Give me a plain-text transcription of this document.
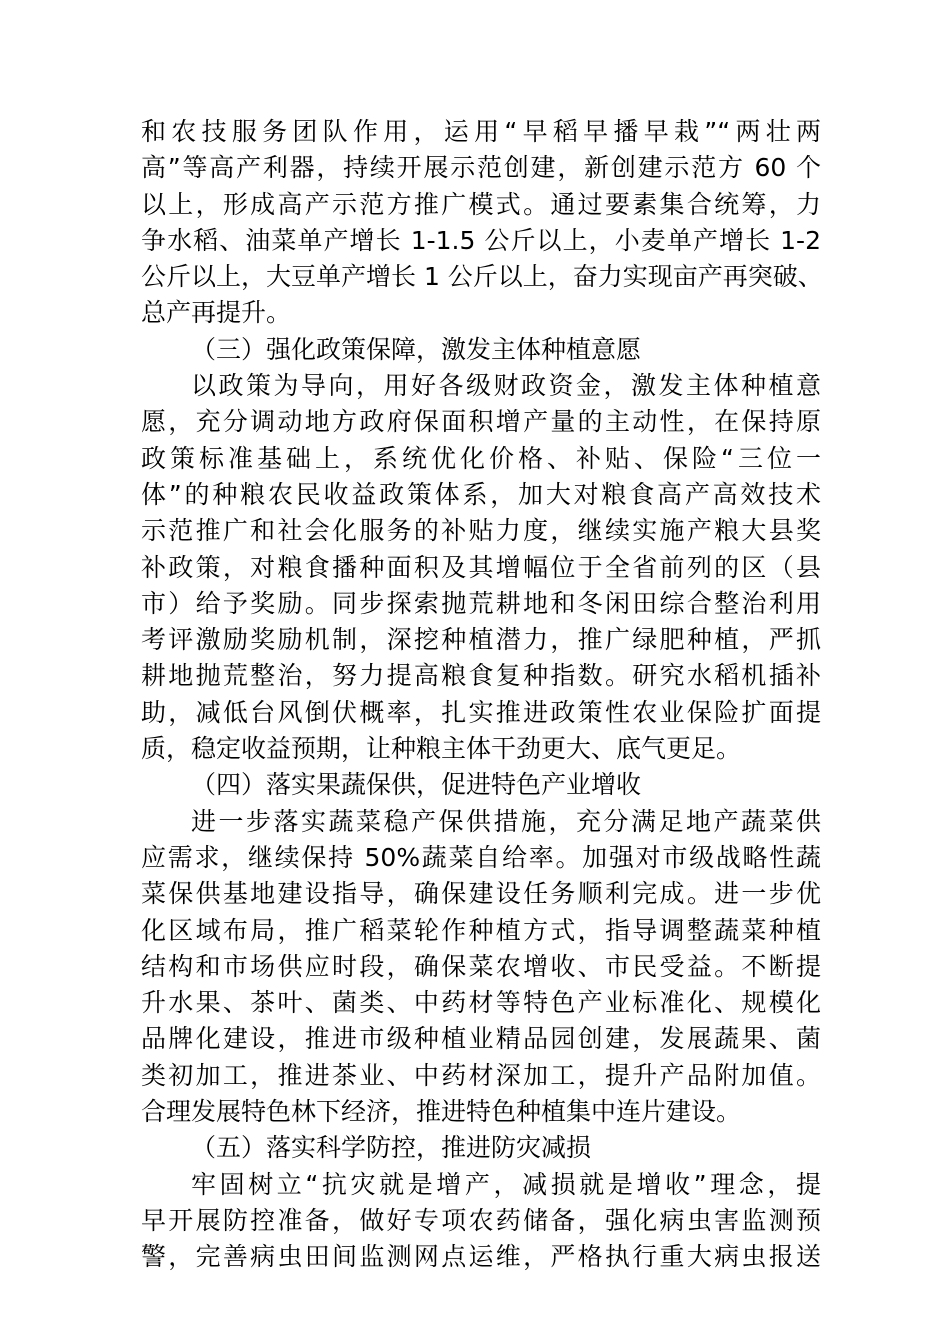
和农技服务团队作用，运用“早稻早播早栽”“两壮两
高”等高产利器，持续开展示范创建，新创建示范方 60 个
以上，形成高产示范方推广模式。通过要素集合统筹，力
争水稻、油菜单产增长 1-1.5 公斤以上，小麦单产增长 1-2
公斤以上，大豆单产增长 1 公斤以上，奋力实现亩产再突破、
总产再提升。
（三）强化政策保障，激发主体种植意愿
以政策为导向，用好各级财政资金，激发主体种植意
愿，充分调动地方政府保面积增产量的主动性，在保持原
政策标准基础上，系统优化价格、补贴、保险“三位一
体”的种粮农民收益政策体系，加大对粮食高产高效技术
示范推广和社会化服务的补贴力度，继续实施产粮大县奖
补政策，对粮食播种面积及其增幅位于全省前列的区（县
市）给予奖励。同步探索抛荒耕地和冬闲田综合整治利用
考评激励奖励机制，深挖种植潜力，推广绿肥种植，严抓
耕地抛荒整治，努力提高粮食复种指数。研究水稻机插补
助，减低台风倒伏概率，扎实推进政策性农业保险扩面提
质，稳定收益预期，让种粮主体干劲更大、底气更足。
（四）落实果蔬保供，促进特色产业增收
进一步落实蔬菜稳产保供措施，充分满足地产蔬菜供
应需求，继续保持 50%蔬菜自给率。加强对市级战略性蔬
菜保供基地建设指导，确保建设任务顺利完成。进一步优
化区域布局，推广稻菜轮作种植方式，指导调整蔬菜种植
结构和市场供应时段，确保菜农增收、市民受益。不断提
升水果、茶叶、菌类、中药材等特色产业标准化、规模化
品牌化建设，推进市级种植业精品园创建，发展蔬果、菌
类初加工，推进茶业、中药材深加工，提升产品附加值。
合理发展特色林下经济，推进特色种植集中连片建设。
（五）落实科学防控，推进防灾减损
牢固树立“抗灾就是增产，减损就是增收”理念，提
早开展防控准备，做好专项农药储备，强化病虫害监测预
警，完善病虫田间监测网点运维，严格执行重大病虫报送
